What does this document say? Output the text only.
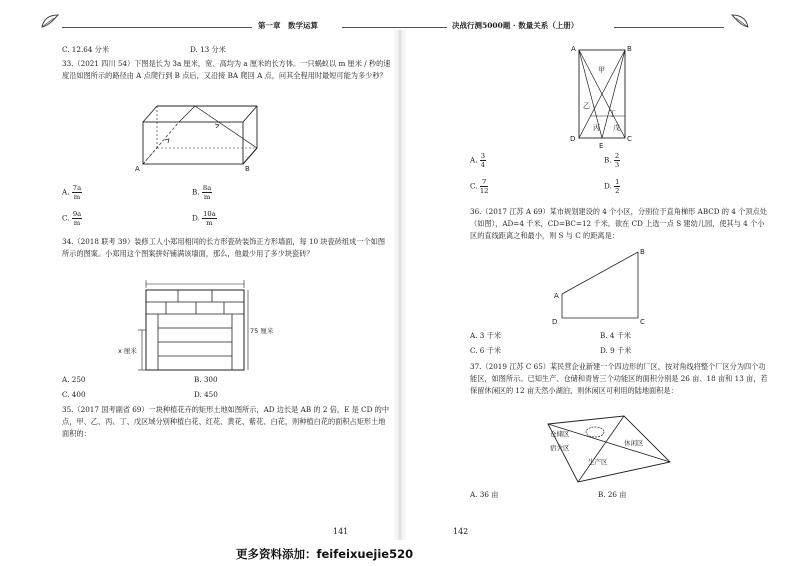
第一章　数学运算	决战行测5000题 · 数量关系（上册）
C. 12.64 分米	D. 13 分米
33.（2021 四川 54）下图是长为 3a 厘米，宽、高均为 a 厘米的长方体。一只蜗蚁以 m 厘米 / 秒的速度沿如图所示的路径由 A 点爬行到 B 点后，又沿接 BA 爬回 A 点，问其全程用时最短可能为多少秒？
A	B
A. $\frac{7a}{m}$	B. $\frac{8a}{m}$
C. $\frac{9a}{m}$	D. $\frac{10a}{m}$
34.（2018 联考 39）装修工人小郑用相同的长方形瓷砖装饰正方形墙面，每 10 块瓷砖组成一个如图所示的图案。小郑用这个图案拼好铺满该墙面，那么，他最少用了多少块瓷砖？
x 厘米
75 厘米
A. 250	B. 300
C. 400	D. 450
35.（2017 国考副省 69）一块种植花卉的矩形土地如图所示，AD 边长是 AB 的 2 倍，E 是 CD 的中点，甲、乙、丙、丁、戊区域分别种植白花、红花、黄花、紫花、白花，则种植白花的面积占矩形土地面积的：
141
A	B
D	C
E
甲
乙
丁
丙 戊
A. $\frac{3}{4}$	B. $\frac{2}{3}$
C. $\frac{7}{12}$	D. $\frac{1}{2}$
36.（2017 江苏 A 69）某市规划建设的 4 个小区，分别位于直角梯形 ABCD 的 4 个顶点处（如图），AD=4 千米，CD=BC=12 千米。欲在 CD 上选一点 S 建幼儿园，使其与 4 个小区的直线距离之和最小，则 S 与 C 的距离是：
A
B
D	C
A. 3 千米	B. 4 千米
C. 6 千米	D. 9 千米
37.（2019 江苏 C 65）某民营企业新建一个四边形的厂区，按对角线将整个厂区分为四个功能区，如图所示。已知生产、仓储和青皆三个功能区的面积分别是 26 亩、18 亩和 13 亩，若保留休闲区的 12 亩天然小湖泊，则休闲区可利用的陆地面积是：
仓储区
休闲区
宿舍区
生产区
A. 36 亩	B. 26 亩
142
更多资料添加：feifeixuejie520
